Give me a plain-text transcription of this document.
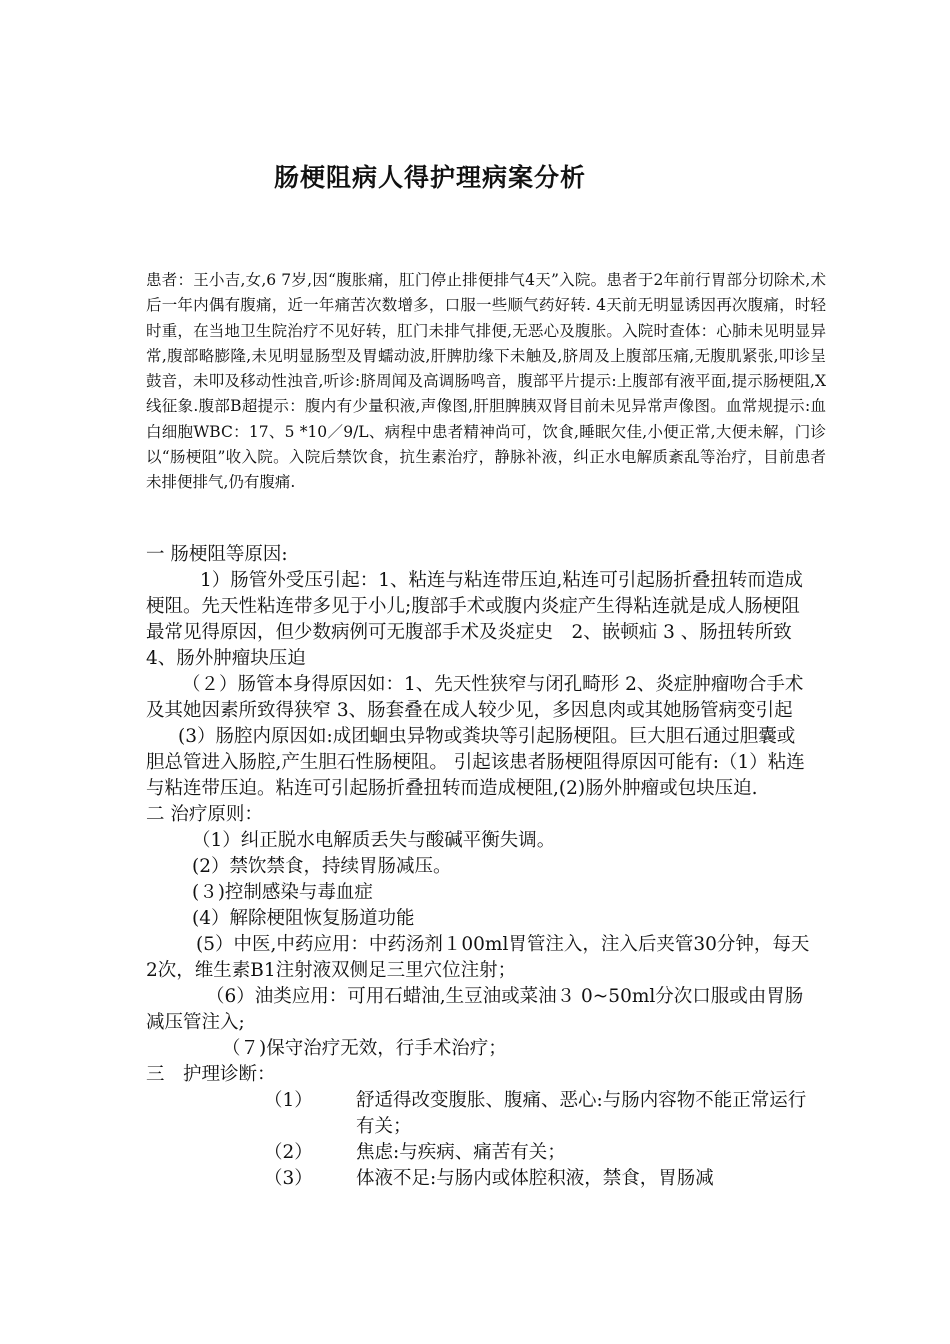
肠梗阻病人得护理病案分析
患者：王小吉,女,6 7岁,因“腹胀痛，肛门停止排便排气4天”入院。患者于2年前行胃部分切除术,术后一年内偶有腹痛，近一年痛苦次数增多，口服一些顺气药好转. 4天前无明显诱因再次腹痛，时轻时重，在当地卫生院治疗不见好转，肛门未排气排便,无恶心及腹胀。入院时查体：心肺未见明显异常,腹部略膨隆,未见明显肠型及胃蠕动波,肝脾肋缘下未触及,脐周及上腹部压痛,无腹肌紧张,叩诊呈鼓音，未叩及移动性浊音,听诊:脐周闻及高调肠鸣音，腹部平片提示:上腹部有液平面,提示肠梗阻,X线征象.腹部B超提示：腹内有少量积液,声像图,肝胆脾胰双肾目前未见异常声像图。血常规提示:血白细胞WBC：17、5 *10／9/L、病程中患者精神尚可，饮食,睡眠欠佳,小便正常,大便未解，门诊以“肠梗阻”收入院。入院后禁饮食，抗生素治疗，静脉补液，纠正水电解质紊乱等治疗，目前患者未排便排气,仍有腹痛.

一 肠梗阻等原因:

1）肠管外受压引起：1、粘连与粘连带压迫,粘连可引起肠折叠扭转而造成梗阻。先天性粘连带多见于小儿;腹部手术或腹内炎症产生得粘连就是成人肠梗阻最常见得原因，但少数病例可无腹部手术及炎症史　2、嵌顿疝 3 、肠扭转所致 4、肠外肿瘤块压迫

（２）肠管本身得原因如：1、先天性狭窄与闭孔畸形 2、炎症肿瘤吻合手术及其她因素所致得狭窄 3、肠套叠在成人较少见，多因息肉或其她肠管病变引起

(3）肠腔内原因如:成团蛔虫异物或粪块等引起肠梗阻。巨大胆石通过胆囊或胆总管进入肠腔,产生胆石性肠梗阻。 引起该患者肠梗阻得原因可能有:（1）粘连与粘连带压迫。粘连可引起肠折叠扭转而造成梗阻,(2)肠外肿瘤或包块压迫.

二 治疗原则：

（1）纠正脱水电解质丢失与酸碱平衡失调。

(2）禁饮禁食，持续胃肠减压。

(３)控制感染与毒血症

(4）解除梗阻恢复肠道功能

(5）中医,中药应用：中药汤剂１00ml胃管注入，注入后夹管30分钟，每天2次，维生素B1注射液双侧足三里穴位注射；

（6）油类应用：可用石蜡油,生豆油或菜油３ 0~50ml分次口服或由胃肠减压管注入;

（７)保守治疗无效，行手术治疗；

三　护理诊断：

（1）	舒适得改变腹胀、腹痛、恶心:与肠内容物不能正常运行有关；
（2）	焦虑:与疾病、痛苦有关；
（3）	体液不足:与肠内或体腔积液，禁食，胃肠减
